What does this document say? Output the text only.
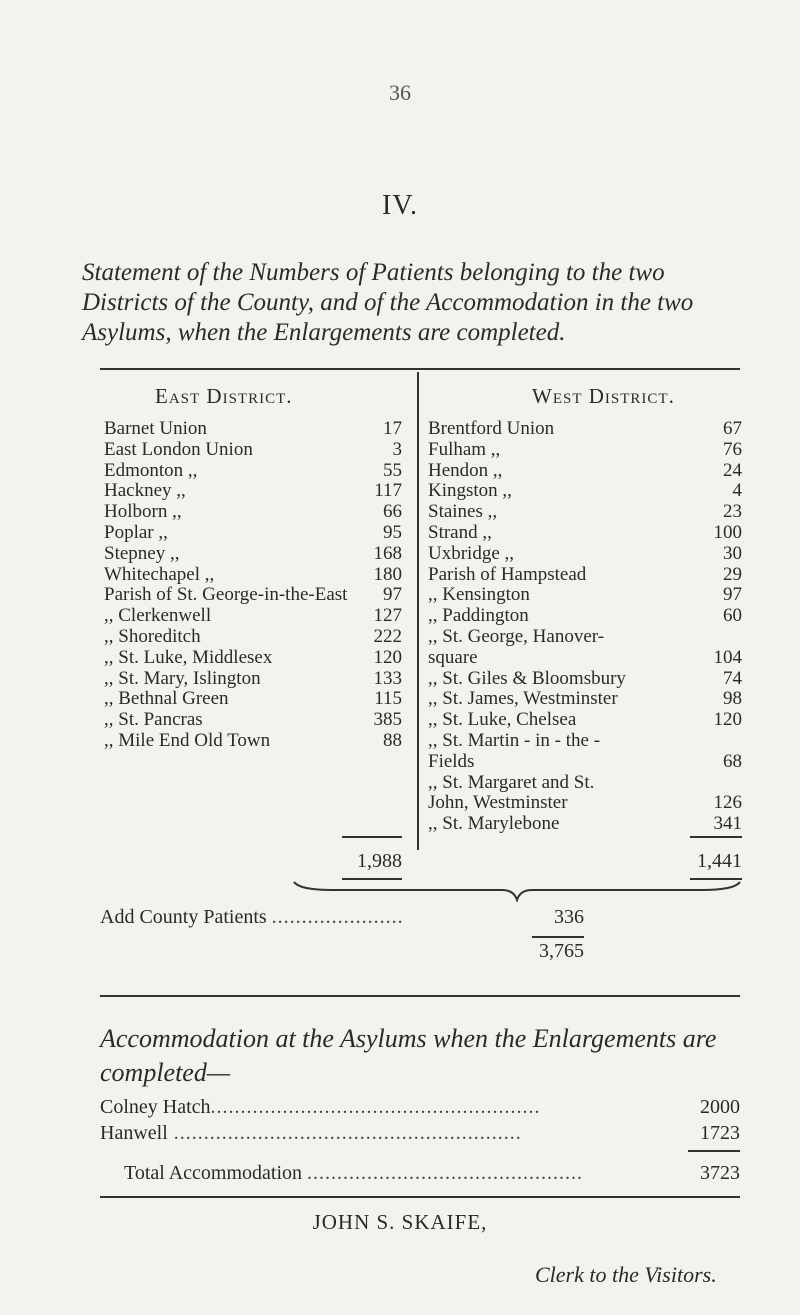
36
IV.
Statement of the Numbers of Patients belonging to the two Districts of the County, and of the Accommodation in the two Asylums, when the Enlargements are completed.
East District.	West District.
Barnet Union	17
East London Union	3
Edmonton ,,	55
Hackney ,,	117
Holborn ,,	66
Poplar ,,	95
Stepney ,,	168
Whitechapel ,,	180
Parish of St. George-in-the-East 97
,, Clerkenwell	127
,, Shoreditch	222
,, St. Luke, Middlesex	120
,, St. Mary, Islington	133
,, Bethnal Green	115
,, St. Pancras	385
,, Mile End Old Town	88
Brentford Union	67
Fulham ,,	76
Hendon ,,	24
Kingston ,,	4
Staines ,,	23
Strand ,,	100
Uxbridge ,,	30
Parish of Hampstead	29
,, Kensington	97
,, Paddington	60
,, St. George, Hanover-
square	104
,, St. Giles & Bloomsbury	74
,, St. James, Westminster	98
,, St. Luke, Chelsea	120
,, St. Martin - in - the -
Fields	68
,, St. Margaret and St.
John, Westminster	126
,, St. Marylebone	341
1,988	1,441
Add County Patients ......................	336
3,765
Accommodation at the Asylums when the Enlargements are completed—
Colney Hatch.......................................................	2000
Hanwell ..........................................................	1723
Total Accommodation ..............................................	3723
JOHN S. SKAIFE,
Clerk to the Visitors.
